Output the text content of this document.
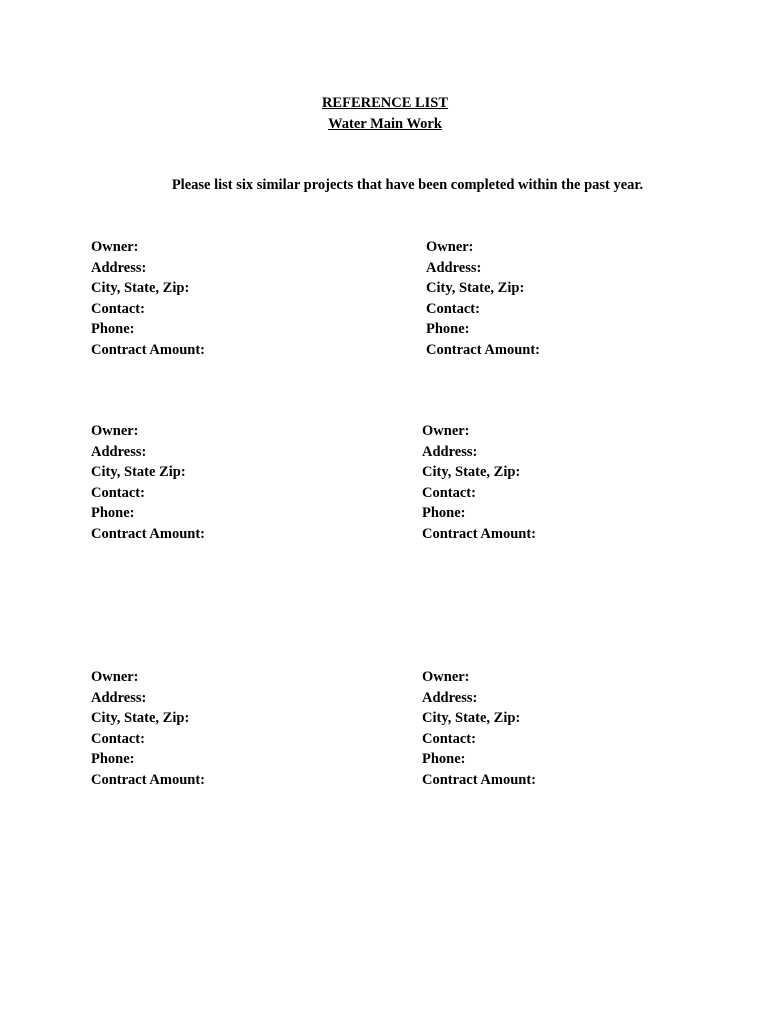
REFERENCE LIST
Water Main Work
Please list six similar projects that have been completed within the past year.
Owner:
Address:
City, State, Zip:
Contact:
Phone:
Contract Amount:
Owner:
Address:
City, State, Zip:
Contact:
Phone:
Contract Amount:
Owner:
Address:
City, State Zip:
Contact:
Phone:
Contract Amount:
Owner:
Address:
City, State, Zip:
Contact:
Phone:
Contract Amount:
Owner:
Address:
City, State, Zip:
Contact:
Phone:
Contract Amount:
Owner:
Address:
City, State, Zip:
Contact:
Phone:
Contract Amount:
